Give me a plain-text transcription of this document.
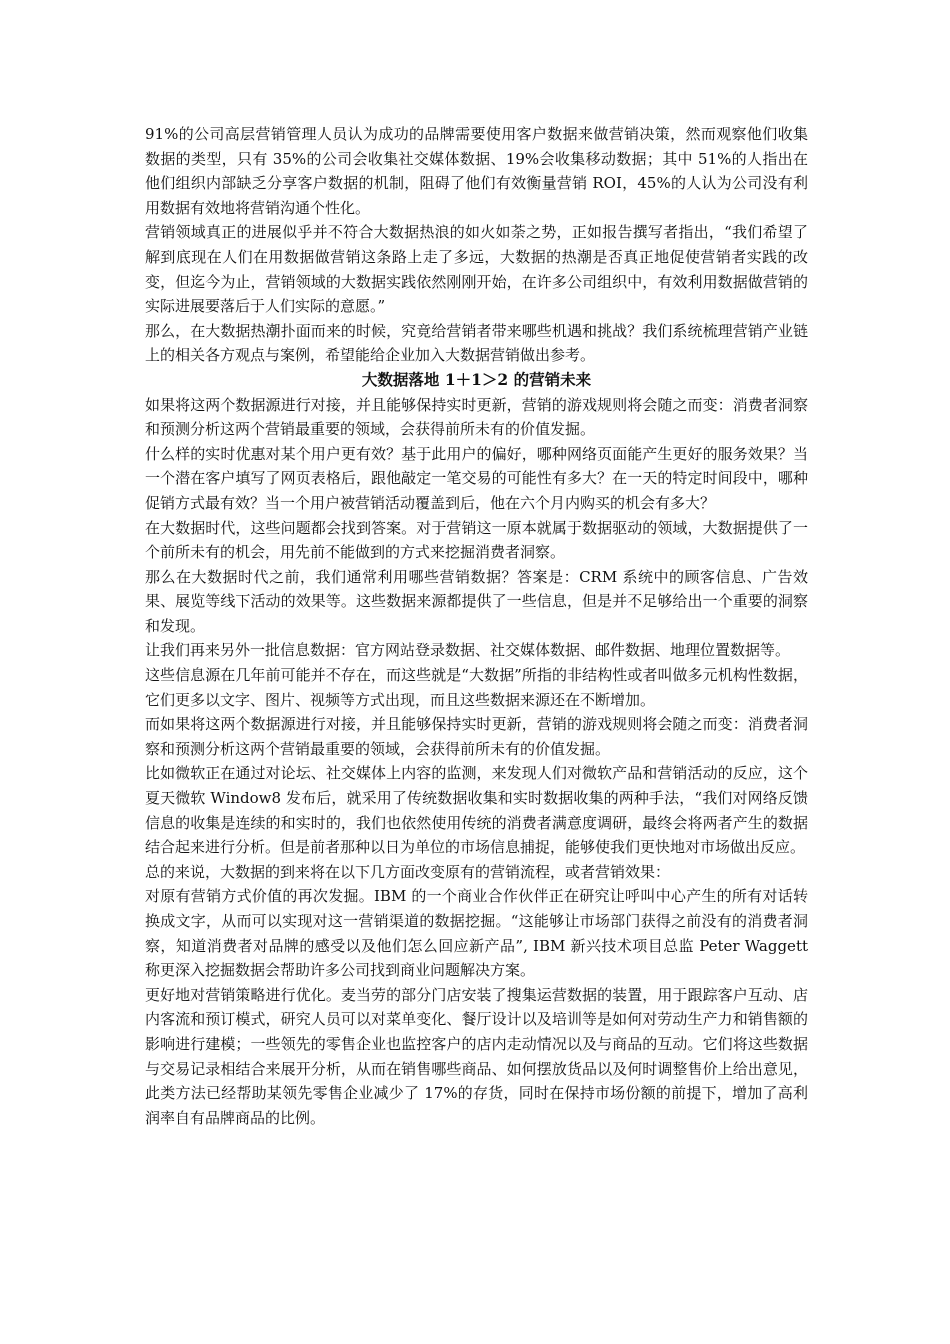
91%的公司高层营销管理人员认为成功的品牌需要使用客户数据来做营销决策，然而观察他们收集数据的类型，只有 35%的公司会收集社交媒体数据、19%会收集移动数据；其中 51%的人指出在他们组织内部缺乏分享客户数据的机制，阻碍了他们有效衡量营销 ROI，45%的人认为公司没有利用数据有效地将营销沟通个性化。

营销领域真正的进展似乎并不符合大数据热浪的如火如荼之势，正如报告撰写者指出，“我们希望了解到底现在人们在用数据做营销这条路上走了多远，大数据的热潮是否真正地促使营销者实践的改变，但迄今为止，营销领域的大数据实践依然刚刚开始，在许多公司组织中，有效利用数据做营销的实际进展要落后于人们实际的意愿。”

那么，在大数据热潮扑面而来的时候，究竟给营销者带来哪些机遇和挑战？我们系统梳理营销产业链上的相关各方观点与案例，希望能给企业加入大数据营销做出参考。

大数据落地 1＋1＞2 的营销未来

如果将这两个数据源进行对接，并且能够保持实时更新，营销的游戏规则将会随之而变：消费者洞察和预测分析这两个营销最重要的领域，会获得前所未有的价值发掘。

什么样的实时优惠对某个用户更有效？基于此用户的偏好，哪种网络页面能产生更好的服务效果？当一个潜在客户填写了网页表格后，跟他敲定一笔交易的可能性有多大？在一天的特定时间段中，哪种促销方式最有效？当一个用户被营销活动覆盖到后，他在六个月内购买的机会有多大？

在大数据时代，这些问题都会找到答案。对于营销这一原本就属于数据驱动的领域，大数据提供了一个前所未有的机会，用先前不能做到的方式来挖掘消费者洞察。

那么在大数据时代之前，我们通常利用哪些营销数据？答案是：CRM 系统中的顾客信息、广告效果、展览等线下活动的效果等。这些数据来源都提供了一些信息，但是并不足够给出一个重要的洞察和发现。

让我们再来另外一批信息数据：官方网站登录数据、社交媒体数据、邮件数据、地理位置数据等。

这些信息源在几年前可能并不存在，而这些就是“大数据”所指的非结构性或者叫做多元机构性数据，它们更多以文字、图片、视频等方式出现，而且这些数据来源还在不断增加。

而如果将这两个数据源进行对接，并且能够保持实时更新，营销的游戏规则将会随之而变：消费者洞察和预测分析这两个营销最重要的领域，会获得前所未有的价值发掘。

比如微软正在通过对论坛、社交媒体上内容的监测，来发现人们对微软产品和营销活动的反应，这个夏天微软 Window8 发布后，就采用了传统数据收集和实时数据收集的两种手法，“我们对网络反馈信息的收集是连续的和实时的，我们也依然使用传统的消费者满意度调研，最终会将两者产生的数据结合起来进行分析。但是前者那种以日为单位的市场信息捕捉，能够使我们更快地对市场做出反应。

总的来说，大数据的到来将在以下几方面改变原有的营销流程，或者营销效果：

对原有营销方式价值的再次发掘。IBM 的一个商业合作伙伴正在研究让呼叫中心产生的所有对话转换成文字，从而可以实现对这一营销渠道的数据挖掘。“这能够让市场部门获得之前没有的消费者洞察，知道消费者对品牌的感受以及他们怎么回应新产品”, IBM 新兴技术项目总监 Peter Waggett 称更深入挖掘数据会帮助许多公司找到商业问题解决方案。

更好地对营销策略进行优化。麦当劳的部分门店安装了搜集运营数据的装置，用于跟踪客户互动、店内客流和预订模式，研究人员可以对菜单变化、餐厅设计以及培训等是如何对劳动生产力和销售额的影响进行建模；一些领先的零售企业也监控客户的店内走动情况以及与商品的互动。它们将这些数据与交易记录相结合来展开分析，从而在销售哪些商品、如何摆放货品以及何时调整售价上给出意见，此类方法已经帮助某领先零售企业减少了 17%的存货，同时在保持市场份额的前提下，增加了高利润率自有品牌商品的比例。
